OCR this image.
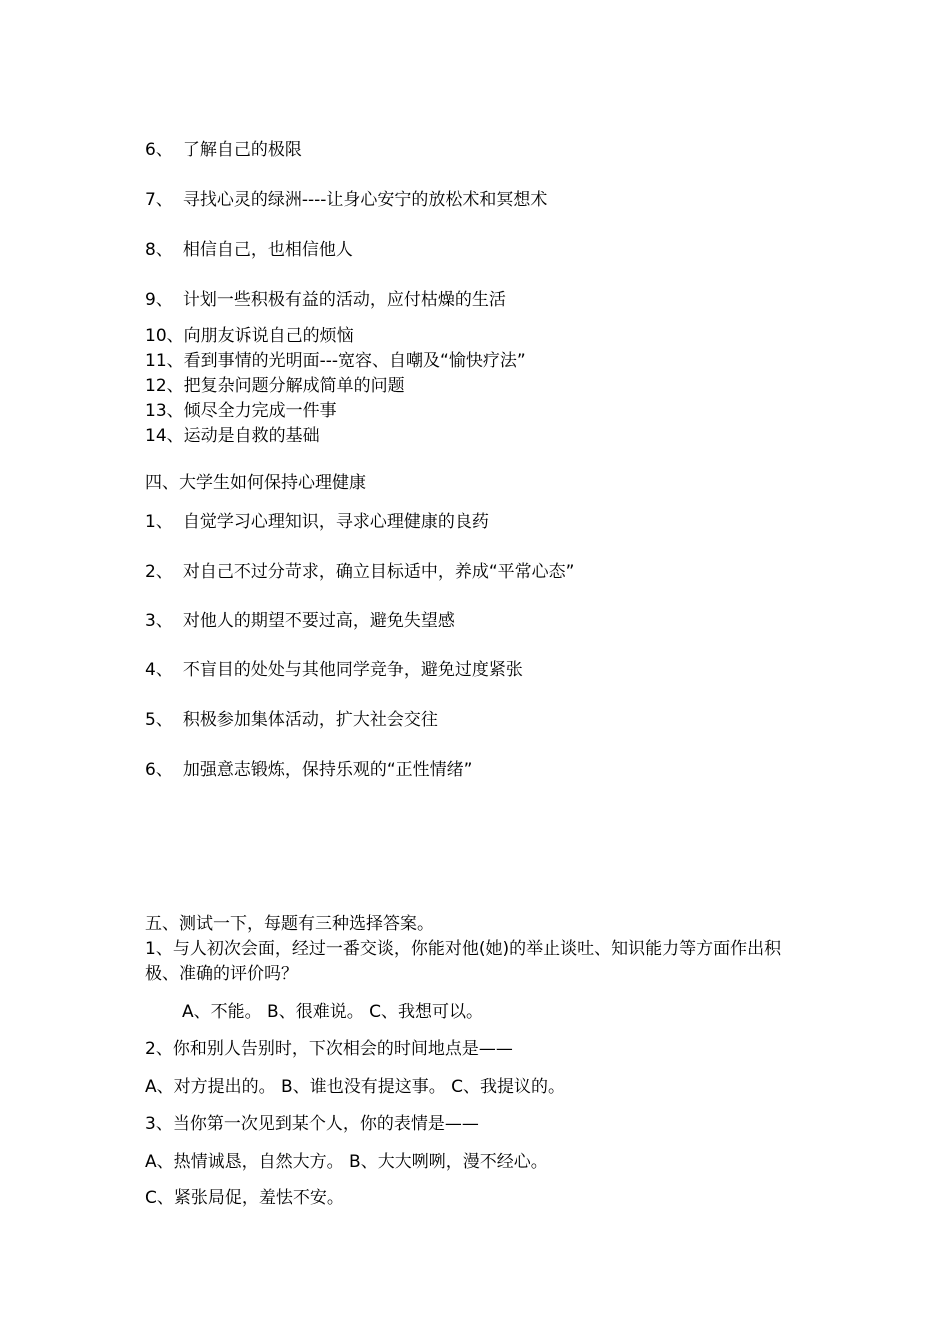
6、 了解自己的极限
7、 寻找心灵的绿洲----让身心安宁的放松术和冥想术
8、 相信自己，也相信他人
9、 计划一些积极有益的活动，应付枯燥的生活
10、向朋友诉说自己的烦恼
11、看到事情的光明面---宽容、自嘲及“愉快疗法”
12、把复杂问题分解成简单的问题
13、倾尽全力完成一件事
14、运动是自救的基础
四、大学生如何保持心理健康
1、 自觉学习心理知识，寻求心理健康的良药
2、 对自己不过分苛求，确立目标适中，养成“平常心态”
3、 对他人的期望不要过高，避免失望感
4、 不盲目的处处与其他同学竞争，避免过度紧张
5、 积极参加集体活动，扩大社会交往
6、 加强意志锻炼，保持乐观的“正性情绪”
五、测试一下，每题有三种选择答案。
1、与人初次会面，经过一番交谈，你能对他(她)的举止谈吐、知识能力等方面作出积极、准确的评价吗？
A、不能。 B、很难说。 C、我想可以。
2、你和别人告别时，下次相会的时间地点是——
A、对方提出的。 B、谁也没有提这事。 C、我提议的。
3、当你第一次见到某个人，你的表情是——
A、热情诚恳，自然大方。 B、大大咧咧，漫不经心。
C、紧张局促，羞怯不安。
